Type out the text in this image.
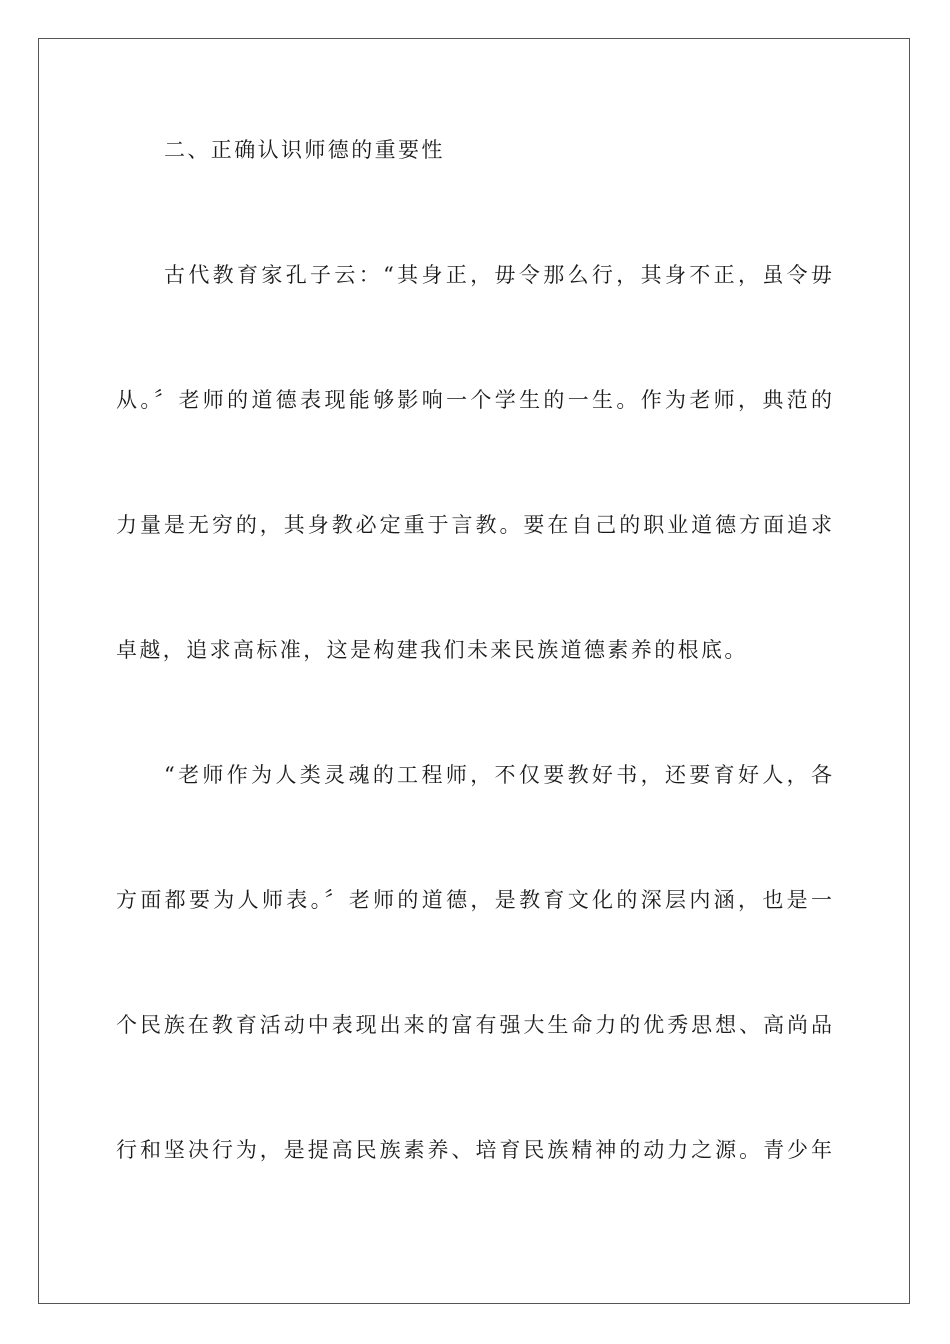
二、正确认识师德的重要性
古代教育家孔子云：“其身正，毋令那么行，其身不正，虽令毋
从。〞老师的道德表现能够影响一个学生的一生。作为老师，典范的
力量是无穷的，其身教必定重于言教。要在自己的职业道德方面追求
卓越，追求高标准，这是构建我们未来民族道德素养的根底。
“老师作为人类灵魂的工程师，不仅要教好书，还要育好人，各
方面都要为人师表。〞老师的道德，是教育文化的深层内涵，也是一
个民族在教育活动中表现出来的富有强大生命力的优秀思想、高尚品
行和坚决行为，是提高民族素养、培育民族精神的动力之源。青少年
